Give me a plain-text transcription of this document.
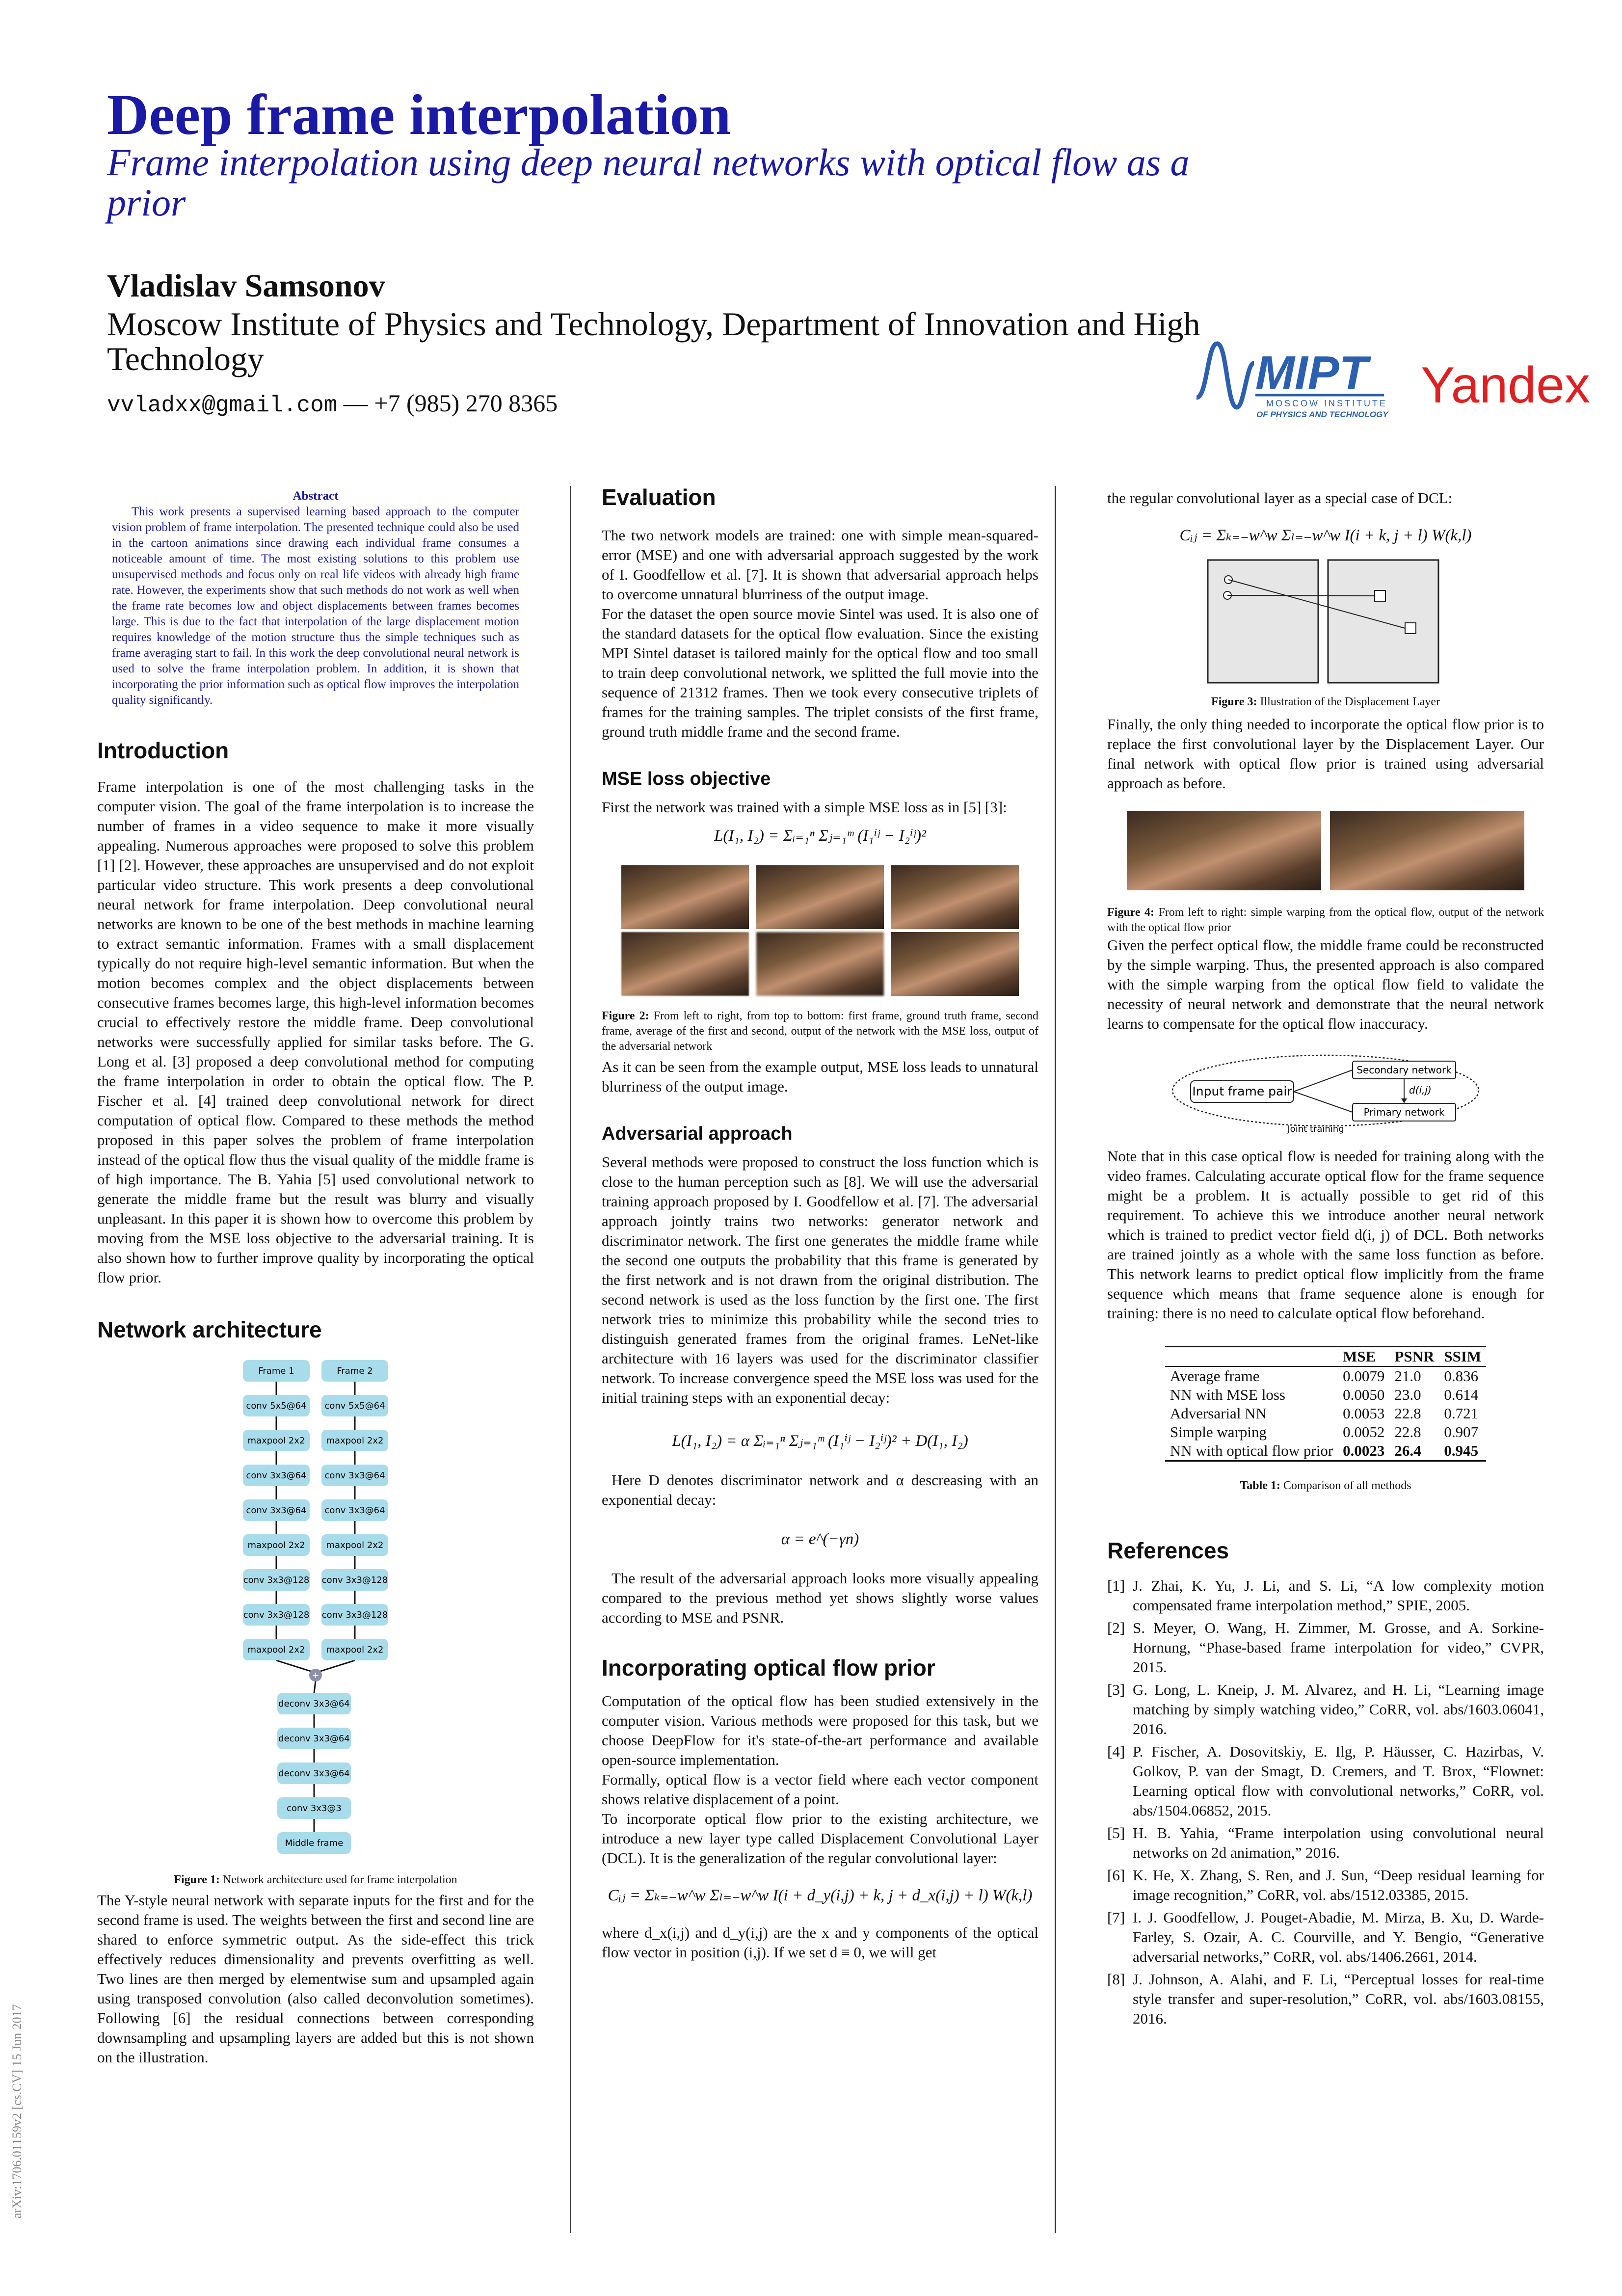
Deep frame interpolation
Frame interpolation using deep neural networks with optical flow as a prior
Vladislav Samsonov
Moscow Institute of Physics and Technology, Department of Innovation and High Technology
vvladxx@gmail.com — +7 (985) 270 8365
MIPT
MOSCOW INSTITUTE
OF PHYSICS AND TECHNOLOGY
Yandex
arXiv:1706.01159v2 [cs.CV] 15 Jun 2017
Abstract
This work presents a supervised learning based approach to the computer vision problem of frame interpolation. The presented technique could also be used in the cartoon animations since drawing each individual frame consumes a noticeable amount of time. The most existing solutions to this problem use unsupervised methods and focus only on real life videos with already high frame rate. However, the experiments show that such methods do not work as well when the frame rate becomes low and object displacements between frames becomes large. This is due to the fact that interpolation of the large displacement motion requires knowledge of the motion structure thus the simple techniques such as frame averaging start to fail. In this work the deep convolutional neural network is used to solve the frame interpolation problem. In addition, it is shown that incorporating the prior information such as optical flow improves the interpolation quality significantly.
Introduction

Frame interpolation is one of the most challenging tasks in the computer vision. The goal of the frame interpolation is to increase the number of frames in a video sequence to make it more visually appealing. Numerous approaches were proposed to solve this problem [1] [2]. However, these approaches are unsupervised and do not exploit particular video structure. This work presents a deep convolutional neural network for frame interpolation. Deep convolutional neural networks are known to be one of the best methods in machine learning to extract semantic information. Frames with a small displacement typically do not require high-level semantic information. But when the motion becomes complex and the object displacements between consecutive frames becomes large, this high-level information becomes crucial to effectively restore the middle frame. Deep convolutional networks were successfully applied for similar tasks before. The G. Long et al. [3] proposed a deep convolutional method for computing the frame interpolation in order to obtain the optical flow. The P. Fischer et al. [4] trained deep convolutional network for direct computation of optical flow. Compared to these methods the method proposed in this paper solves the problem of frame interpolation instead of the optical flow thus the visual quality of the middle frame is of high importance. The B. Yahia [5] used convolutional network to generate the middle frame but the result was blurry and visually unpleasant. In this paper it is shown how to overcome this problem by moving from the MSE loss objective to the adversarial training. It is also shown how to further improve quality by incorporating the optical flow prior.

Network architecture
Frame 1
conv 5x5@64
maxpool 2x2
conv 3x3@64
conv 3x3@64
maxpool 2x2
conv 3x3@128
conv 3x3@128
maxpool 2x2
Frame 2
conv 5x5@64
maxpool 2x2
conv 3x3@64
conv 3x3@64
maxpool 2x2
conv 3x3@128
conv 3x3@128
maxpool 2x2
+
deconv 3x3@64
deconv 3x3@64
deconv 3x3@64
conv 3x3@3
Middle frame
Figure 1: Network architecture used for frame interpolation

The Y-style neural network with separate inputs for the first and for the second frame is used. The weights between the first and second line are shared to enforce symmetric output. As the side-effect this trick effectively reduces dimensionality and prevents overfitting as well. Two lines are then merged by elementwise sum and upsampled again using transposed convolution (also called deconvolution sometimes). Following [6] the residual connections between corresponding downsampling and upsampling layers are added but this is not shown on the illustration.

Evaluation

The two network models are trained: one with simple mean-squared-error (MSE) and one with adversarial approach suggested by the work of I. Goodfellow et al. [7]. It is shown that adversarial approach helps to overcome unnatural blurriness of the output image.

For the dataset the open source movie Sintel was used. It is also one of the standard datasets for the optical flow evaluation. Since the existing MPI Sintel dataset is tailored mainly for the optical flow and too small to train deep convolutional network, we splitted the full movie into the sequence of 21312 frames. Then we took every consecutive triplets of frames for the training samples. The triplet consists of the first frame, ground truth middle frame and the second frame.

MSE loss objective

First the network was trained with a simple MSE loss as in [5] [3]:

L(I₁, I₂) = Σᵢ₌₁ⁿ Σⱼ₌₁ᵐ (I₁ⁱʲ − I₂ⁱʲ)²
Figure 2: From left to right, from top to bottom: first frame, ground truth frame, second frame, average of the first and second, output of the network with the MSE loss, output of the adversarial network

As it can be seen from the example output, MSE loss leads to unnatural blurriness of the output image.

Adversarial approach

Several methods were proposed to construct the loss function which is close to the human perception such as [8]. We will use the adversarial training approach proposed by I. Goodfellow et al. [7]. The adversarial approach jointly trains two networks: generator network and discriminator network. The first one generates the middle frame while the second one outputs the probability that this frame is generated by the first network and is not drawn from the original distribution. The second network is used as the loss function by the first one. The first network tries to minimize this probability while the second tries to distinguish generated frames from the original frames. LeNet-like architecture with 16 layers was used for the discriminator classifier network. To increase convergence speed the MSE loss was used for the initial training steps with an exponential decay:

L(I₁, I₂) = α Σᵢ₌₁ⁿ Σⱼ₌₁ᵐ (I₁ⁱʲ − I₂ⁱʲ)² + D(I₁, I₂)

Here D denotes discriminator network and α descreasing with an exponential decay:

α = e^(−γn)

The result of the adversarial approach looks more visually appealing compared to the previous method yet shows slightly worse values according to MSE and PSNR.

Incorporating optical flow prior

Computation of the optical flow has been studied extensively in the computer vision. Various methods were proposed for this task, but we choose DeepFlow for it's state-of-the-art performance and available open-source implementation.

Formally, optical flow is a vector field where each vector component shows relative displacement of a point.

To incorporate optical flow prior to the existing architecture, we introduce a new layer type called Displacement Convolutional Layer (DCL). It is the generalization of the regular convolutional layer:

Cᵢⱼ = Σₖ₌₋w^w Σₗ₌₋w^w I(i + d_y(i,j) + k, j + d_x(i,j) + l) W(k,l)

where d_x(i,j) and d_y(i,j) are the x and y components of the optical flow vector in position (i,j). If we set d ≡ 0, we will get

the regular convolutional layer as a special case of DCL:

Cᵢⱼ = Σₖ₌₋w^w Σₗ₌₋w^w I(i + k, j + l) W(k,l)
Figure 3: Illustration of the Displacement Layer

Finally, the only thing needed to incorporate the optical flow prior is to replace the first convolutional layer by the Displacement Layer. Our final network with optical flow prior is trained using adversarial approach as before.

Figure 4: From left to right: simple warping from the optical flow, output of the network with the optical flow prior

Given the perfect optical flow, the middle frame could be reconstructed by the simple warping. Thus, the presented approach is also compared with the simple warping from the optical flow field to validate the necessity of neural network and demonstrate that the neural network learns to compensate for the optical flow inaccuracy.

Input frame pair
Secondary network
Primary network
d(i,j)
Joint training

Note that in this case optical flow is needed for training along with the video frames. Calculating accurate optical flow for the frame sequence might be a problem. It is actually possible to get rid of this requirement. To achieve this we introduce another neural network which is trained to predict vector field d(i, j) of DCL. Both networks are trained jointly as a whole with the same loss function as before. This network learns to predict optical flow implicitly from the frame sequence which means that frame sequence alone is enough for training: there is no need to calculate optical flow beforehand.

	MSE	PSNR	SSIM
Average frame	0.0079	21.0	0.836
NN with MSE loss	0.0050	23.0	0.614
Adversarial NN	0.0053	22.8	0.721
Simple warping	0.0052	22.8	0.907
NN with optical flow prior	0.0023	26.4	0.945
Table 1: Comparison of all methods
References
[1] J. Zhai, K. Yu, J. Li, and S. Li, “A low complexity motion compensated frame interpolation method,” SPIE, 2005.
[2] S. Meyer, O. Wang, H. Zimmer, M. Grosse, and A. Sorkine-Hornung, “Phase-based frame interpolation for video,” CVPR, 2015.
[3] G. Long, L. Kneip, J. M. Alvarez, and H. Li, “Learning image matching by simply watching video,” CoRR, vol. abs/1603.06041, 2016.
[4] P. Fischer, A. Dosovitskiy, E. Ilg, P. Häusser, C. Hazirbas, V. Golkov, P. van der Smagt, D. Cremers, and T. Brox, “Flownet: Learning optical flow with convolutional networks,” CoRR, vol. abs/1504.06852, 2015.
[5] H. B. Yahia, “Frame interpolation using convolutional neural networks on 2d animation,” 2016.
[6] K. He, X. Zhang, S. Ren, and J. Sun, “Deep residual learning for image recognition,” CoRR, vol. abs/1512.03385, 2015.
[7] I. J. Goodfellow, J. Pouget-Abadie, M. Mirza, B. Xu, D. Warde-Farley, S. Ozair, A. C. Courville, and Y. Bengio, “Generative adversarial networks,” CoRR, vol. abs/1406.2661, 2014.
[8] J. Johnson, A. Alahi, and F. Li, “Perceptual losses for real-time style transfer and super-resolution,” CoRR, vol. abs/1603.08155, 2016.
